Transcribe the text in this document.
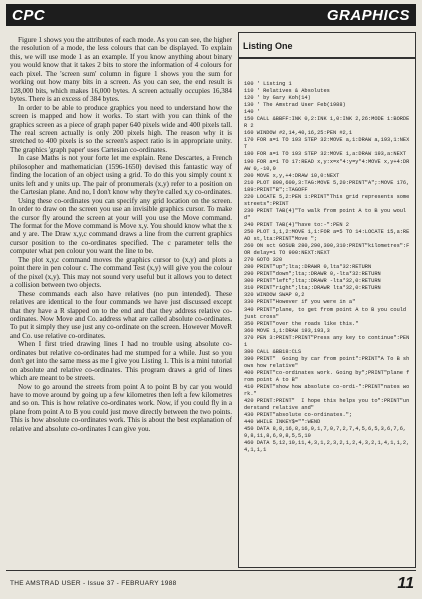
CPC	GRAPHICS

Figure 1 shows you the attributes of each mode. As you can see, the higher the resolution of a mode, the less colours that can be displayed. To explain this, we will use mode 1 as an example. If you know anything about binary you would know that it takes 2 bits to store the information of 4 colours for each pixel. The 'screen sum' column in figure 1 shows you the sum for working out how many bits in a screen. As you can see, the end result is 128,000 bits, which makes 16,000 bytes. A screen actually occupies 16,384 bytes. There is an excess of 384 bytes.

In order to be able to produce graphics you need to understand how the screen is mapped and how it works. To start with you can think of the graphics screen as a piece of graph paper 640 pixels wide and 400 pixels tall. The real screen actually is only 200 pixels high. The reason why it is stretched to 400 pixels is so the screen's aspect ratio is in appropriate unity. The graphics 'graph paper' uses Cartesian co-ordinates.

In case Maths is not your forte let me explain. Rene Descartes, a French philosopher and mathematician (1596-1650) devised this fantastic way of finding the location of an object using a grid. To do this you simply count x units left and y units up. The pair of pronumerals (x,y) refer to a position on the Cartesian plane. And no, I don't know why they're called x,y co-ordinates.

Using these co-ordinates you can specify any grid location on the screen. In order to draw on the screen you use an invisible graphics cursor. To make the cursor fly around the screen at your will you use the Move command. The format for the Move command is Move x,y. You should know what the x and y are. The Draw x,y,c command draws a line from the current graphics cursor position to the co-ordinates specified. The c parameter tells the computer what pen colour you want the line to be.

The plot x,y,c command moves the graphics cursor to (x,y) and plots a point there in pen colour c. The command Test (x,y) will give you the colour of the pixel (x,y). This may not sound very useful but it allows you to detect a collision between two objects.

These commands each also have relatives (no pun intended). These relatives are identical to the four commands we have just discussed except that they have a R slapped on to the end and that they address relative co-ordinates. Now Move and Co. address what are called absolute co-ordinates. To put it simply they use just any co-ordinate on the screen. However MoveR and Co. use relative co-ordinates.

When I first tried drawing lines I had no trouble using absolute co-ordinates but relative co-ordinates had me stumped for a while. Just so you don't get into the same mess as me I give you Listing 1. This is a mini tutorial on absolute and relative co-ordinates. This program draws a grid of lines which are meant to be streets.

Now to go around the streets from point A to point B by car you would have to move around by going up a few kilometres then left a few kilometres and so on. This is how relative co-ordinates work. Now, if you could fly in a plane from point A to B you could just move directly between the two points. This is how absolute co-ordinates work. This is about the best explanation of relative and absolute co-ordinates I can give you.

Listing One
100 ' Listing 1
110 ' Relatives & Absolutes
120 ' by Gary Koh(14)
130 ' The Amstrad User Feb(1988)
140 '
150 CALL &BBFF:INK 0,2:INK 1,0:INK 2,26:MODE 1:BORDER 2
160 WINDOW #2,14,40,16,25:PEN #2,1
170 FOR a=1 TO 193 STEP 32:MOVE a,1:DRAW a,193,1:NEXT
180 FOR a=1 TO 193 STEP 32:MOVE 1,a:DRAW 193,a:NEXT
190 FOR a=1 TO 17:READ x,y:x=x*4:y=y*4:MOVE x,y+4:DRAW 0,-10,0
200 MOVE x,y,+4:DRAW 10,0:NEXT
210 PLOT 800,600,3:TAG:MOVE 5,20:PRINT"A";:MOVE 176,189:PRINT"B";:TAGOFF
220 LOCATE 5,2:PEN 1:PRINT"This grid represents some streets":PRINT
230 PRINT TAB(4)"To walk from point A to B you would"
240 PRINT TAB(4)"have to:-":PEN 2
250 PLOT 1,1,2:MOVE 1,1:FOR a=5 TO 14:LOCATE 15,a:READ st,lta:PRINT"Move ";
260 ON sct GOSUB 280,290,300,310:PRINT"kilometres":FOR delay=1 TO 900:NEXT:NEXT
270 GOTO 320
280 PRINT"up";lta;:DRAWR 0,lta*32:RETURN
290 PRINT"down";lta;:DRAWR 0,-lta*32:RETURN
300 PRINT"left";lta;:DRAWR -lta*32,0:RETURN
310 PRINT"right";lta;:DRAWR lta*32,0:RETURN
320 WINDOW SWAP 0,2
330 PRINT"However if you were in a"
340 PRINT"plane, to get from point A to B you could just cross"
350 PRINT"over the roads like this."
360 MOVE 1,1:DRAW 193,193,3
370 PEN 3:PRINT:PRINT"Press any key to continue":PEN 1
380 CALL &BB18:CLS
390 PRINT"  Going by car from point":PRINT"A To B shows how relative"
400 PRINT"co-ordinates work. Going by";PRINT"plane from point A to B"
410 PRINT"show how absolute co-ordi-":PRINT"nates work."
420 PRINT:PRINT"  I hope this helps you to":PRINT"understand relative and"
430 PRINT"absolute co-ordinates.";
440 WHILE INKEY$="":WEND
450 DATA 8,8,16,8,16,0,1,7,0,7,2,7,4,5,6,5,3,6,7,6,9,8,11,8,6,9,8,5,5,10
460 DATA 5,12,10,11,4,3,1,2,3,2,1,2,4,3,2,1,4,1,1,2,4,1,1,1
THE AMSTRAD USER - Issue 37 - FEBRUARY 1988	11
